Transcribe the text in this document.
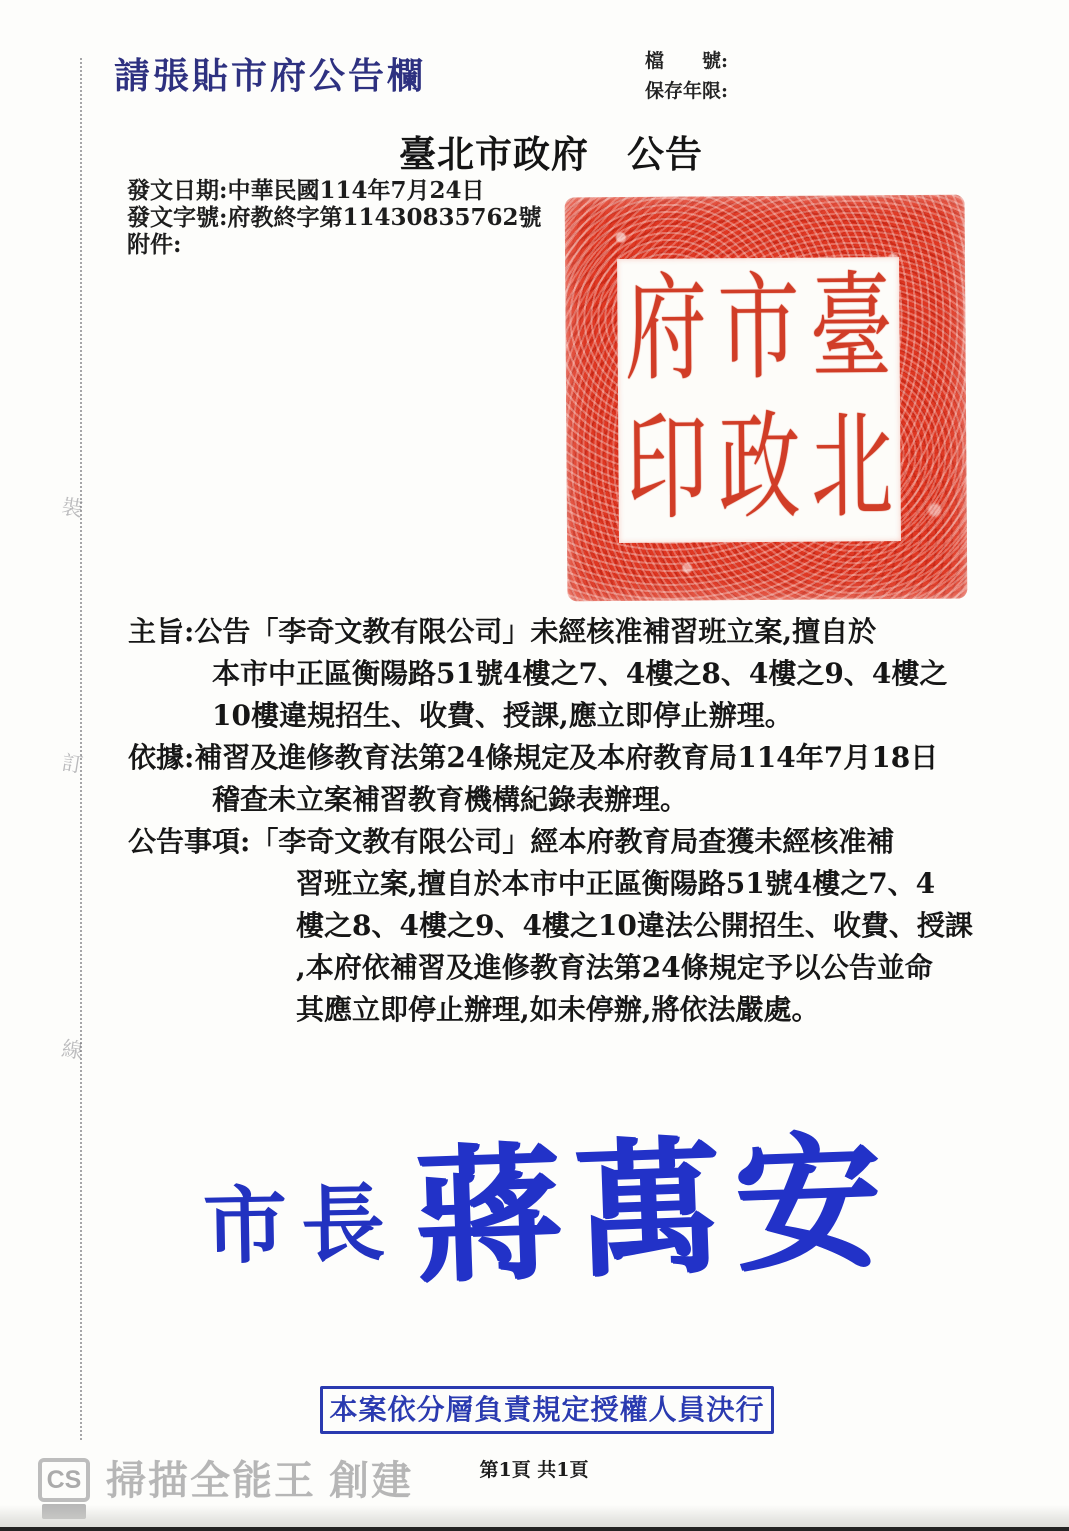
裝
訂
線
請張貼市府公告欄	檔　　號:
保存年限:
臺北市政府　公告
發文日期:中華民國114年7月24日
發文字號:府教終字第11430835762號
附件:
臺
北
市
政
府
印
主旨:公告「李奇文教有限公司」未經核准補習班立案,擅自於
本市中正區衡陽路51號4樓之7、4樓之8、4樓之9、4樓之
10樓違規招生、收費、授課,應立即停止辦理。
依據:補習及進修教育法第24條規定及本府教育局114年7月18日
稽查未立案補習教育機構紀錄表辦理。
公告事項:「李奇文教有限公司」經本府教育局查獲未經核准補
習班立案,擅自於本市中正區衡陽路51號4樓之7、4
樓之8、4樓之9、4樓之10違法公開招生、收費、授課
,本府依補習及進修教育法第24條規定予以公告並命
其應立即停止辦理,如未停辦,將依法嚴處。
市長 蔣萬安
本案依分層負責規定授權人員決行
CS 掃描全能王 創建	第1頁 共1頁
